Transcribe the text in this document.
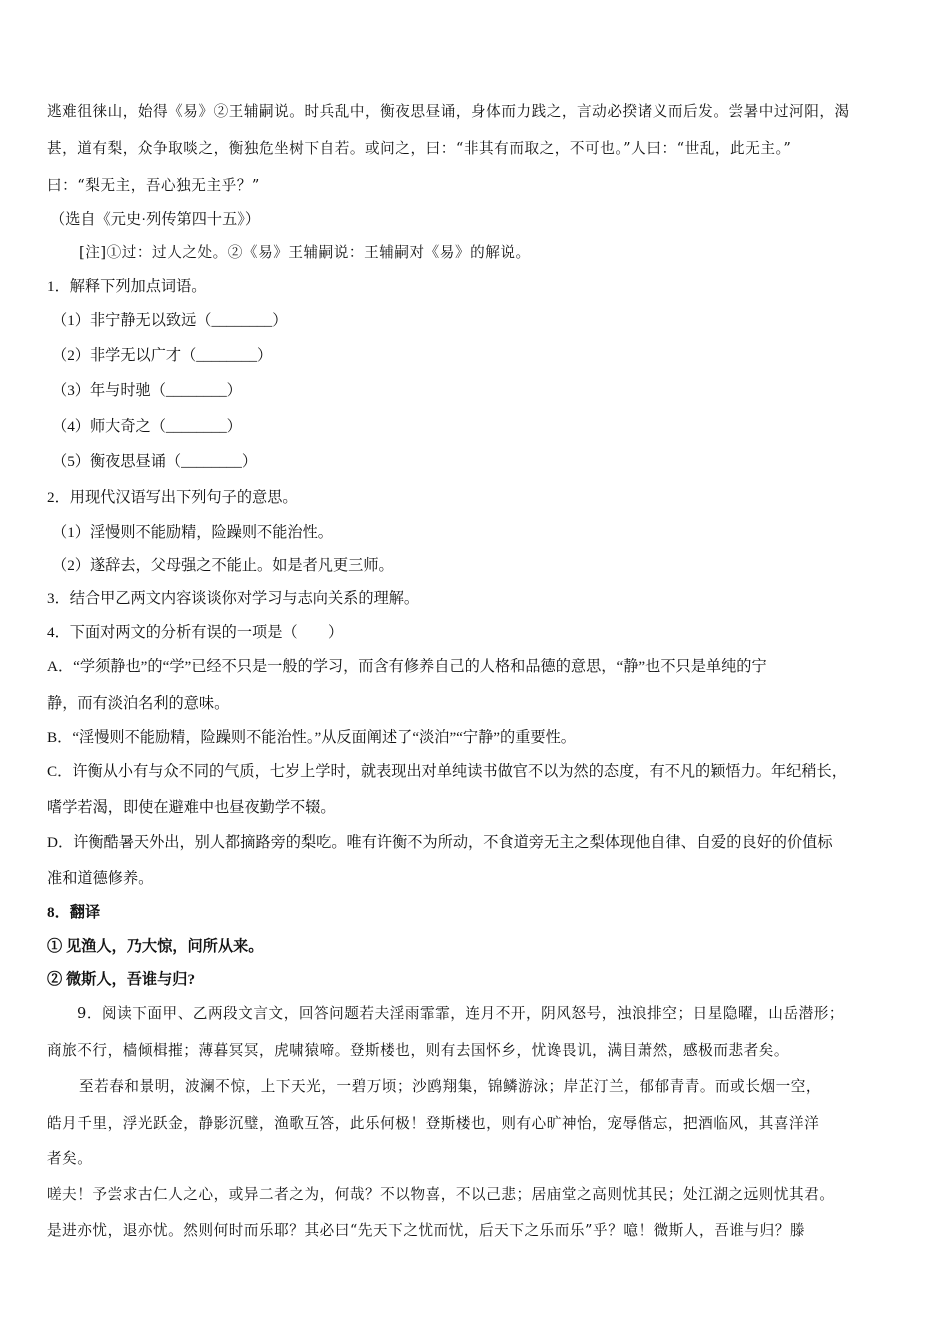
逃难徂徕山，始得《易》②王辅嗣说。时兵乱中，衡夜思昼诵，身体而力践之，言动必揆诸义而后发。尝暑中过河阳，渴
甚，道有梨，众争取啖之，衡独危坐树下自若。或问之，曰：“非其有而取之，不可也。”人曰：“世乱，此无主。”
曰：“梨无主，吾心独无主乎？”
（选自《元史·列传第四十五》）
[注]①过：过人之处。②《易》王辅嗣说：王辅嗣对《易》的解说。
1．解释下列加点词语。
（1）非宁静无以致远（________）
（2）非学无以广才（________）
（3）年与时驰（________）
（4）师大奇之（________）
（5）衡夜思昼诵（________）
2．用现代汉语写出下列句子的意思。
（1）淫慢则不能励精，险躁则不能治性。
（2）遂辞去，父母强之不能止。如是者凡更三师。
3．结合甲乙两文内容谈谈你对学习与志向关系的理解。
4．下面对两文的分析有误的一项是（　　）
A．“学须静也”的“学”已经不只是一般的学习，而含有修养自己的人格和品德的意思，“静”也不只是单纯的宁
静，而有淡泊名利的意味。
B．“淫慢则不能励精，险躁则不能治性。”从反面阐述了“淡泊”“宁静”的重要性。
C．许衡从小有与众不同的气质，七岁上学时，就表现出对单纯读书做官不以为然的态度，有不凡的颖悟力。年纪稍长，
嗜学若渴，即使在避难中也昼夜勤学不辍。
D．许衡酷暑天外出，别人都摘路旁的梨吃。唯有许衡不为所动，不食道旁无主之梨体现他自律、自爱的良好的价值标
准和道德修养。
8．翻译
① 见渔人，乃大惊，问所从来。
② 微斯人，吾谁与归?
9．阅读下面甲、乙两段文言文，回答问题若夫淫雨霏霏，连月不开，阴风怒号，浊浪排空；日星隐曜，山岳潜形；
商旅不行，樯倾楫摧；薄暮冥冥，虎啸猿啼。登斯楼也，则有去国怀乡，忧谗畏讥，满目萧然，感极而悲者矣。
至若春和景明，波澜不惊，上下天光，一碧万顷；沙鸥翔集，锦鳞游泳；岸芷汀兰，郁郁青青。而或长烟一空，
皓月千里，浮光跃金，静影沉璧，渔歌互答，此乐何极！登斯楼也，则有心旷神怡，宠辱偕忘，把酒临风，其喜洋洋
者矣。
嗟夫！予尝求古仁人之心，或异二者之为，何哉？不以物喜，不以己悲；居庙堂之高则忧其民；处江湖之远则忧其君。
是进亦忧，退亦忧。然则何时而乐耶？其必曰“先天下之忧而忧，后天下之乐而乐”乎？噫！微斯人，吾谁与归？滕
